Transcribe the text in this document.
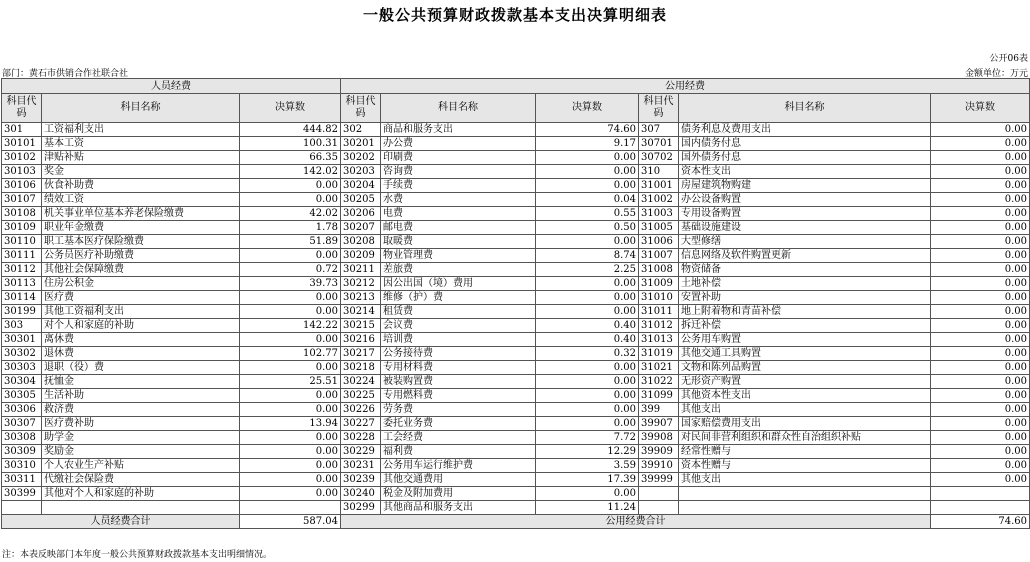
一般公共预算财政拨款基本支出决算明细表
公开06表
部门：黄石市供销合作社联合社	金额单位：万元
人员经费			公用经费					
科目代码	科目名称	决算数	科目代码	科目名称	决算数	科目代码	科目名称	决算数
301	工资福利支出	444.82	302	商品和服务支出	74.60	307	债务利息及费用支出	0.00
30101	基本工资	100.31	30201	办公费	9.17	30701	国内债务付息	0.00
30102	津贴补贴	66.35	30202	印刷费	0.00	30702	国外债务付息	0.00
30103	奖金	142.02	30203	咨询费	0.00	310	资本性支出	0.00
30106	伙食补助费	0.00	30204	手续费	0.00	31001	房屋建筑物购建	0.00
30107	绩效工资	0.00	30205	水费	0.04	31002	办公设备购置	0.00
30108	机关事业单位基本养老保险缴费	42.02	30206	电费	0.55	31003	专用设备购置	0.00
30109	职业年金缴费	1.78	30207	邮电费	0.50	31005	基础设施建设	0.00
30110	职工基本医疗保险缴费	51.89	30208	取暖费	0.00	31006	大型修缮	0.00
30111	公务员医疗补助缴费	0.00	30209	物业管理费	8.74	31007	信息网络及软件购置更新	0.00
30112	其他社会保障缴费	0.72	30211	差旅费	2.25	31008	物资储备	0.00
30113	住房公积金	39.73	30212	因公出国（境）费用	0.00	31009	土地补偿	0.00
30114	医疗费	0.00	30213	维修（护）费	0.00	31010	安置补助	0.00
30199	其他工资福利支出	0.00	30214	租赁费	0.00	31011	地上附着物和青苗补偿	0.00
303	对个人和家庭的补助	142.22	30215	会议费	0.40	31012	拆迁补偿	0.00
30301	离休费	0.00	30216	培训费	0.40	31013	公务用车购置	0.00
30302	退休费	102.77	30217	公务接待费	0.32	31019	其他交通工具购置	0.00
30303	退职（役）费	0.00	30218	专用材料费	0.00	31021	文物和陈列品购置	0.00
30304	抚恤金	25.51	30224	被装购置费	0.00	31022	无形资产购置	0.00
30305	生活补助	0.00	30225	专用燃料费	0.00	31099	其他资本性支出	0.00
30306	救济费	0.00	30226	劳务费	0.00	399	其他支出	0.00
30307	医疗费补助	13.94	30227	委托业务费	0.00	39907	国家赔偿费用支出	0.00
30308	助学金	0.00	30228	工会经费	7.72	39908	对民间非营利组织和群众性自治组织补贴	0.00
30309	奖励金	0.00	30229	福利费	12.29	39909	经常性赠与	0.00
30310	个人农业生产补贴	0.00	30231	公务用车运行维护费	3.59	39910	资本性赠与	0.00
30311	代缴社会保险费	0.00	30239	其他交通费用	17.39	39999	其他支出	0.00
30399	其他对个人和家庭的补助	0.00	30240	税金及附加费用	0.00			
			30299	其他商品和服务支出	11.24			
人员经费合计		587.04	公用经费合计					74.60
注：本表反映部门本年度一般公共预算财政拨款基本支出明细情况。
